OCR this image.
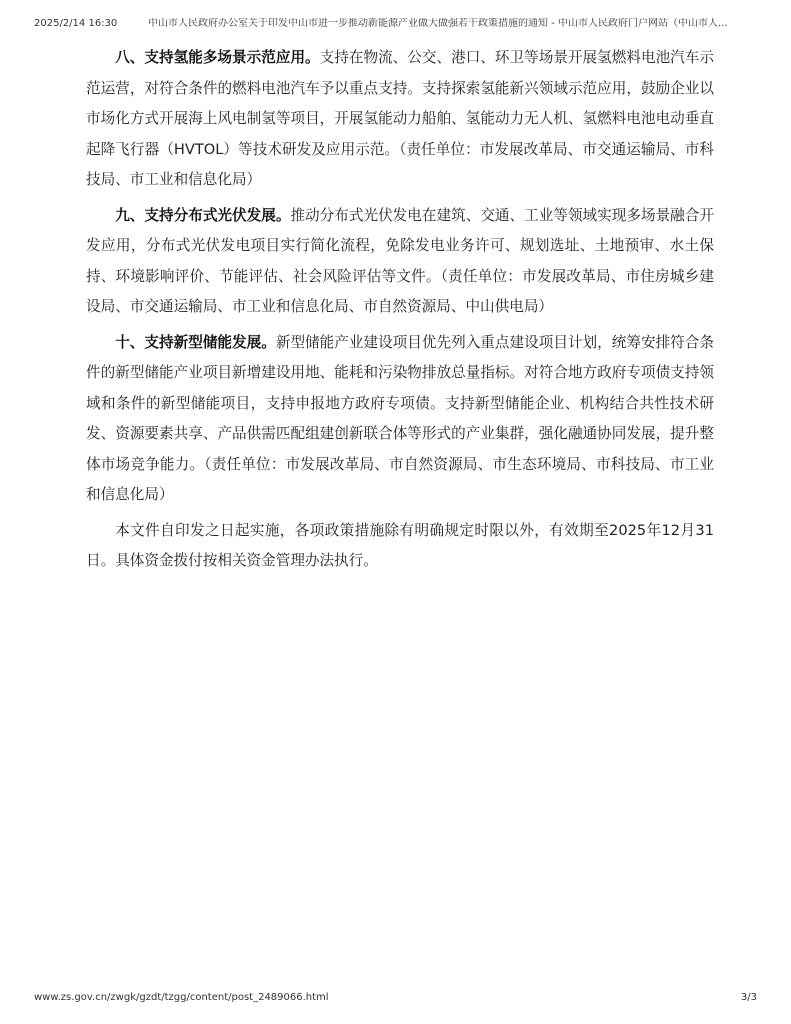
2025/2/14 16:30	中山市人民政府办公室关于印发中山市进一步推动新能源产业做大做强若干政策措施的通知 - 中山市人民政府门户网站（中山市人...

八、支持氢能多场景示范应用。支持在物流、公交、港口、环卫等场景开展氢燃料电池汽车示范运营，对符合条件的燃料电池汽车予以重点支持。支持探索氢能新兴领域示范应用，鼓励企业以市场化方式开展海上风电制氢等项目，开展氢能动力船舶、氢能动力无人机、氢燃料电池电动垂直起降飞行器（HVTOL）等技术研发及应用示范。（责任单位：市发展改革局、市交通运输局、市科技局、市工业和信息化局）

九、支持分布式光伏发展。推动分布式光伏发电在建筑、交通、工业等领域实现多场景融合开发应用，分布式光伏发电项目实行简化流程，免除发电业务许可、规划选址、土地预审、水土保持、环境影响评价、节能评估、社会风险评估等文件。（责任单位：市发展改革局、市住房城乡建设局、市交通运输局、市工业和信息化局、市自然资源局、中山供电局）

十、支持新型储能发展。新型储能产业建设项目优先列入重点建设项目计划，统筹安排符合条件的新型储能产业项目新增建设用地、能耗和污染物排放总量指标。对符合地方政府专项债支持领域和条件的新型储能项目，支持申报地方政府专项债。支持新型储能企业、机构结合共性技术研发、资源要素共享、产品供需匹配组建创新联合体等形式的产业集群，强化融通协同发展，提升整体市场竞争能力。（责任单位：市发展改革局、市自然资源局、市生态环境局、市科技局、市工业和信息化局）

本文件自印发之日起实施，各项政策措施除有明确规定时限以外，有效期至2025年12月31日。具体资金拨付按相关资金管理办法执行。

www.zs.gov.cn/zwgk/gzdt/tzgg/content/post_2489066.html	3/3
